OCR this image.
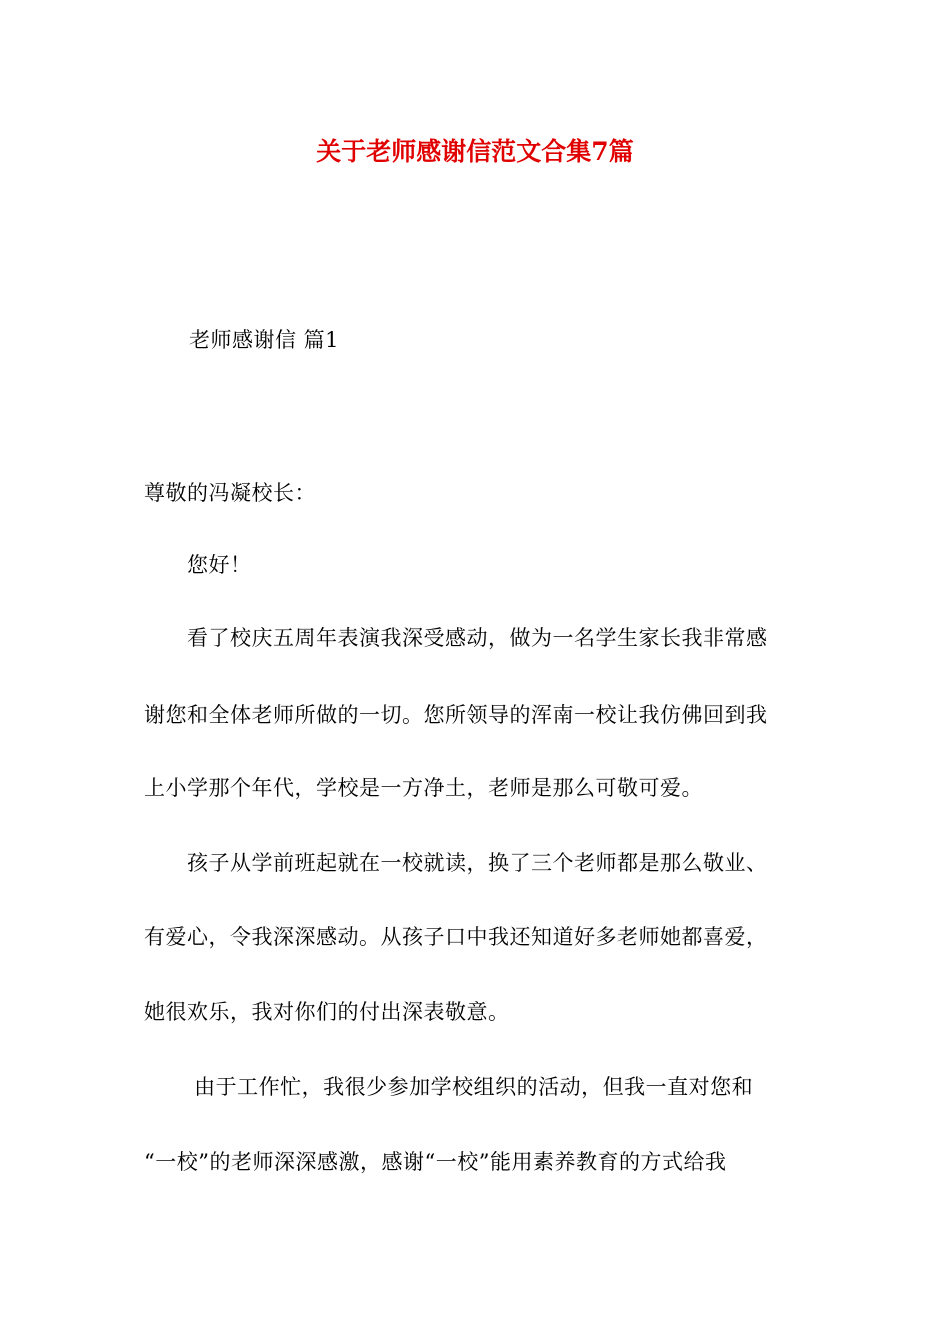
关于老师感谢信范文合集7篇
老师感谢信 篇1
尊敬的冯凝校长：
　　您好！
　　看了校庆五周年表演我深受感动，做为一名学生家长我非常感
谢您和全体老师所做的一切。您所领导的浑南一校让我仿佛回到我
上小学那个年代，学校是一方净土，老师是那么可敬可爱。
　　孩子从学前班起就在一校就读，换了三个老师都是那么敬业、
有爱心，令我深深感动。从孩子口中我还知道好多老师她都喜爱，
她很欢乐，我对你们的付出深表敬意。
　　 由于工作忙，我很少参加学校组织的活动，但我一直对您和
“一校”的老师深深感激，感谢“一校”能用素养教育的方式给我
